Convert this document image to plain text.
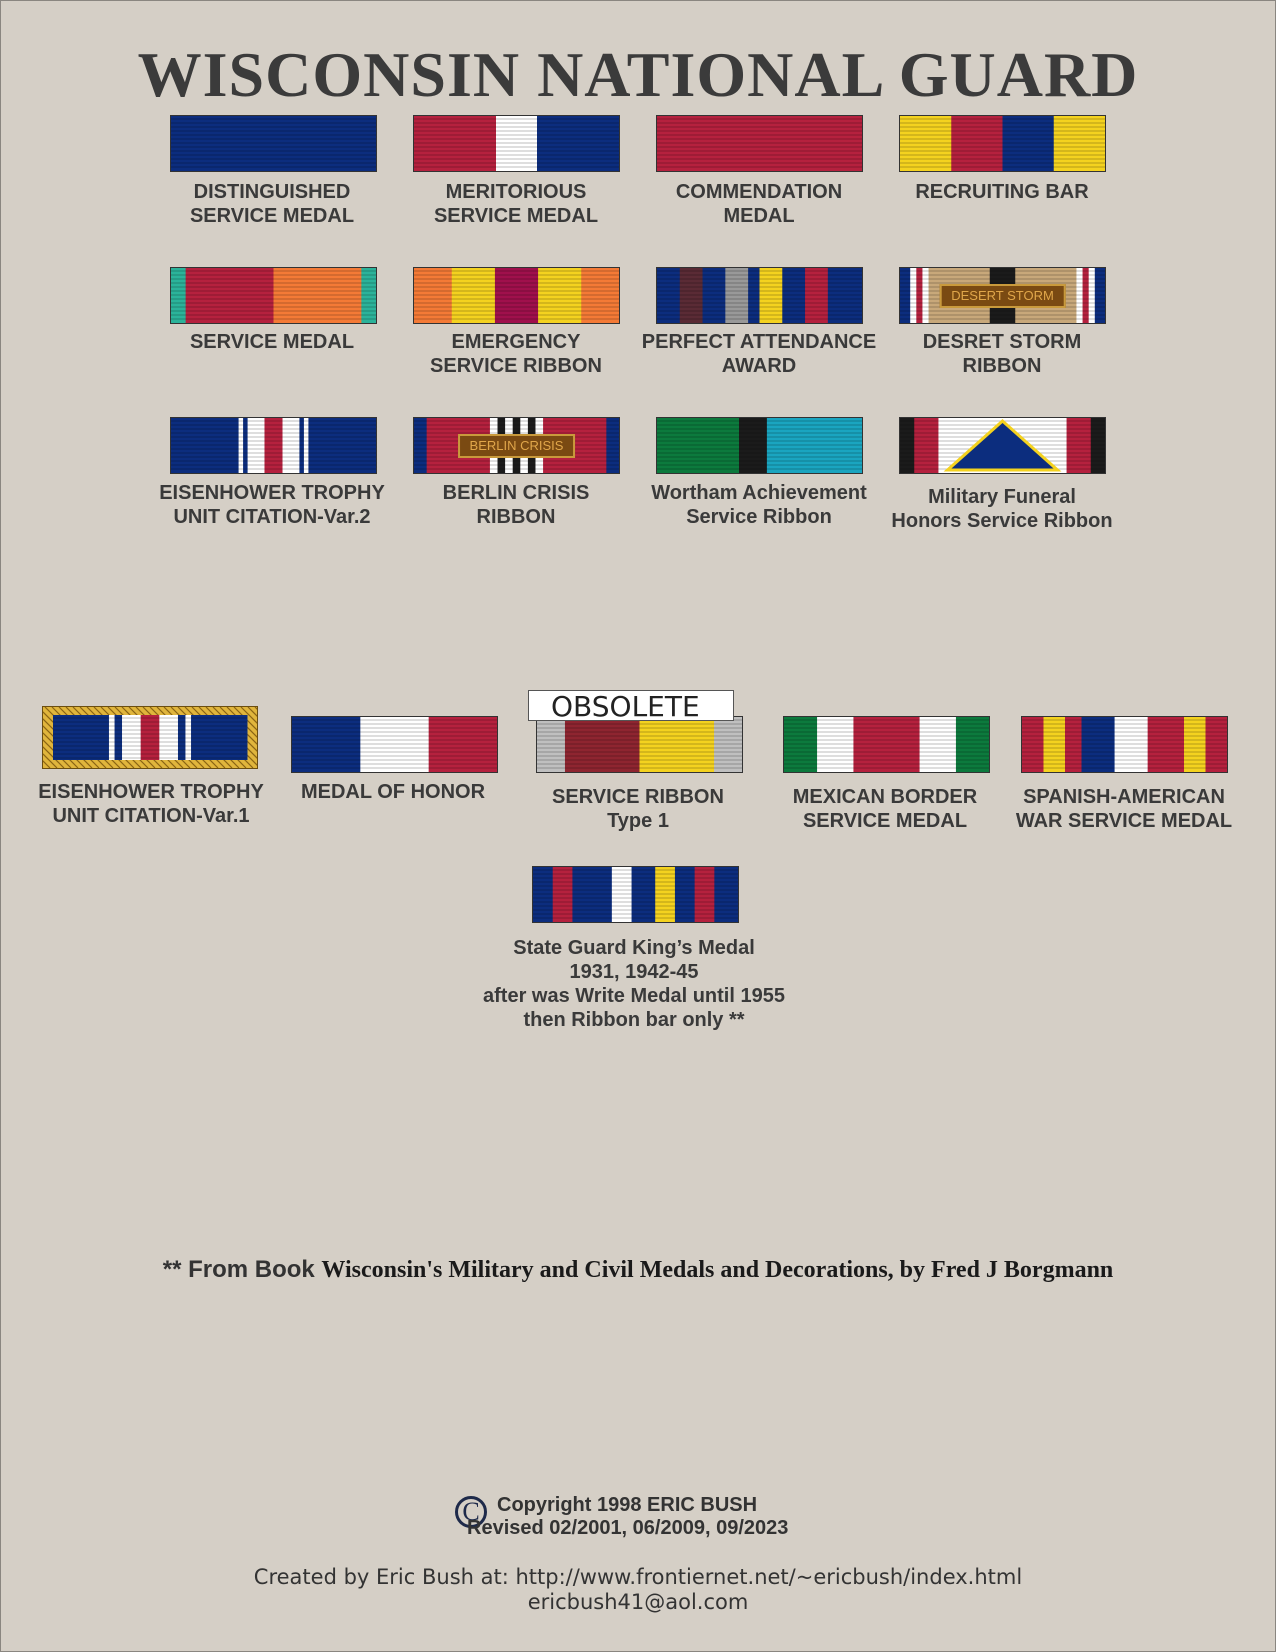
WISCONSIN NATIONAL GUARD
DISTINGUISHED
SERVICE MEDAL
MERITORIOUS
SERVICE MEDAL
COMMENDATION
MEDAL
RECRUITING BAR
SERVICE MEDAL	EMERGENCY
SERVICE RIBBON
PERFECT ATTENDANCE
AWARD
DESERT STORM
DESRET STORM
RIBBON
EISENHOWER TROPHY
UNIT CITATION-Var.2
BERLIN CRISIS
BERLIN CRISIS
RIBBON
Wortham Achievement
Service Ribbon
Military Funeral
Honors Service Ribbon
EISENHOWER TROPHY
UNIT CITATION-Var.1
MEDAL OF HONOR	SERVICE RIBBON
Type 1
MEXICAN BORDER
SERVICE MEDAL
SPANISH-AMERICAN
WAR SERVICE MEDAL
State Guard King’s Medal
1931, 1942-45
after was Write Medal until 1955
then Ribbon bar only **
OBSOLETE
** From Book Wisconsin's Military and Civil Medals and Decorations, by Fred J Borgmann
C Copyright 1998 ERIC BUSH
Revised 02/2001, 06/2009, 09/2023
Created by Eric Bush at: http://www.frontiernet.net/~ericbush/index.html
ericbush41@aol.com
